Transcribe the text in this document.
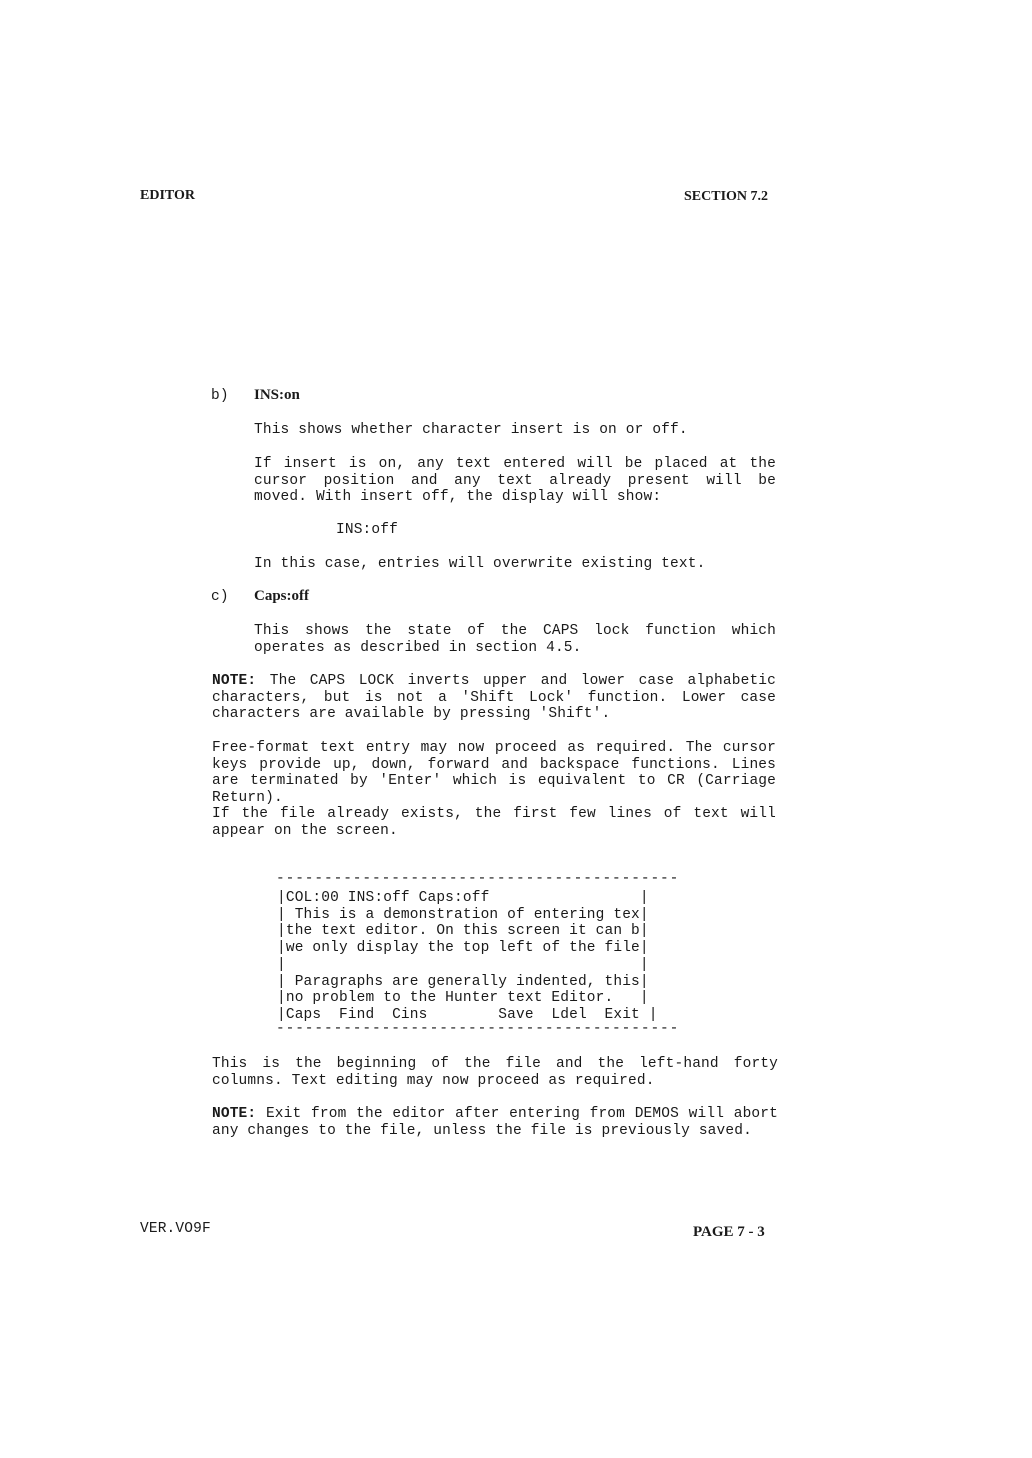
EDITOR	SECTION 7.2
b) INS:on
This shows whether character insert is on or off.
If insert is on, any text entered will be placed at the cursor position and any text already present will be moved. With insert off, the display will show:
INS:off
In this case, entries will overwrite existing text.
c) Caps:off
This shows the state of the CAPS lock function which operates as described in section 4.5.
NOTE: The CAPS LOCK inverts upper and lower case alphabetic characters, but is not a 'Shift Lock' function. Lower case characters are available by pressing 'Shift'.
Free-format text entry may now proceed as required. The cursor keys provide up, down, forward and backspace functions. Lines are terminated by 'Enter' which is equivalent to CR (Carriage Return).
If the file already exists, the first few lines of text will appear on the screen.
------------------------------------------

|COL:00 INS:off Caps:off                 |

| This is a demonstration of entering tex|

|the text editor. On this screen it can b|

|we only display the top left of the file|

|                                        |

| Paragraphs are generally indented, this|

|no problem to the Hunter text Editor.   |

|Caps  Find  Cins        Save  Ldel  Exit |

------------------------------------------
This is the beginning of the file and the left-hand forty columns. Text editing may now proceed as required.
NOTE: Exit from the editor after entering from DEMOS will abort any changes to the file, unless the file is previously saved.
VER.VO9F	PAGE 7 - 3
